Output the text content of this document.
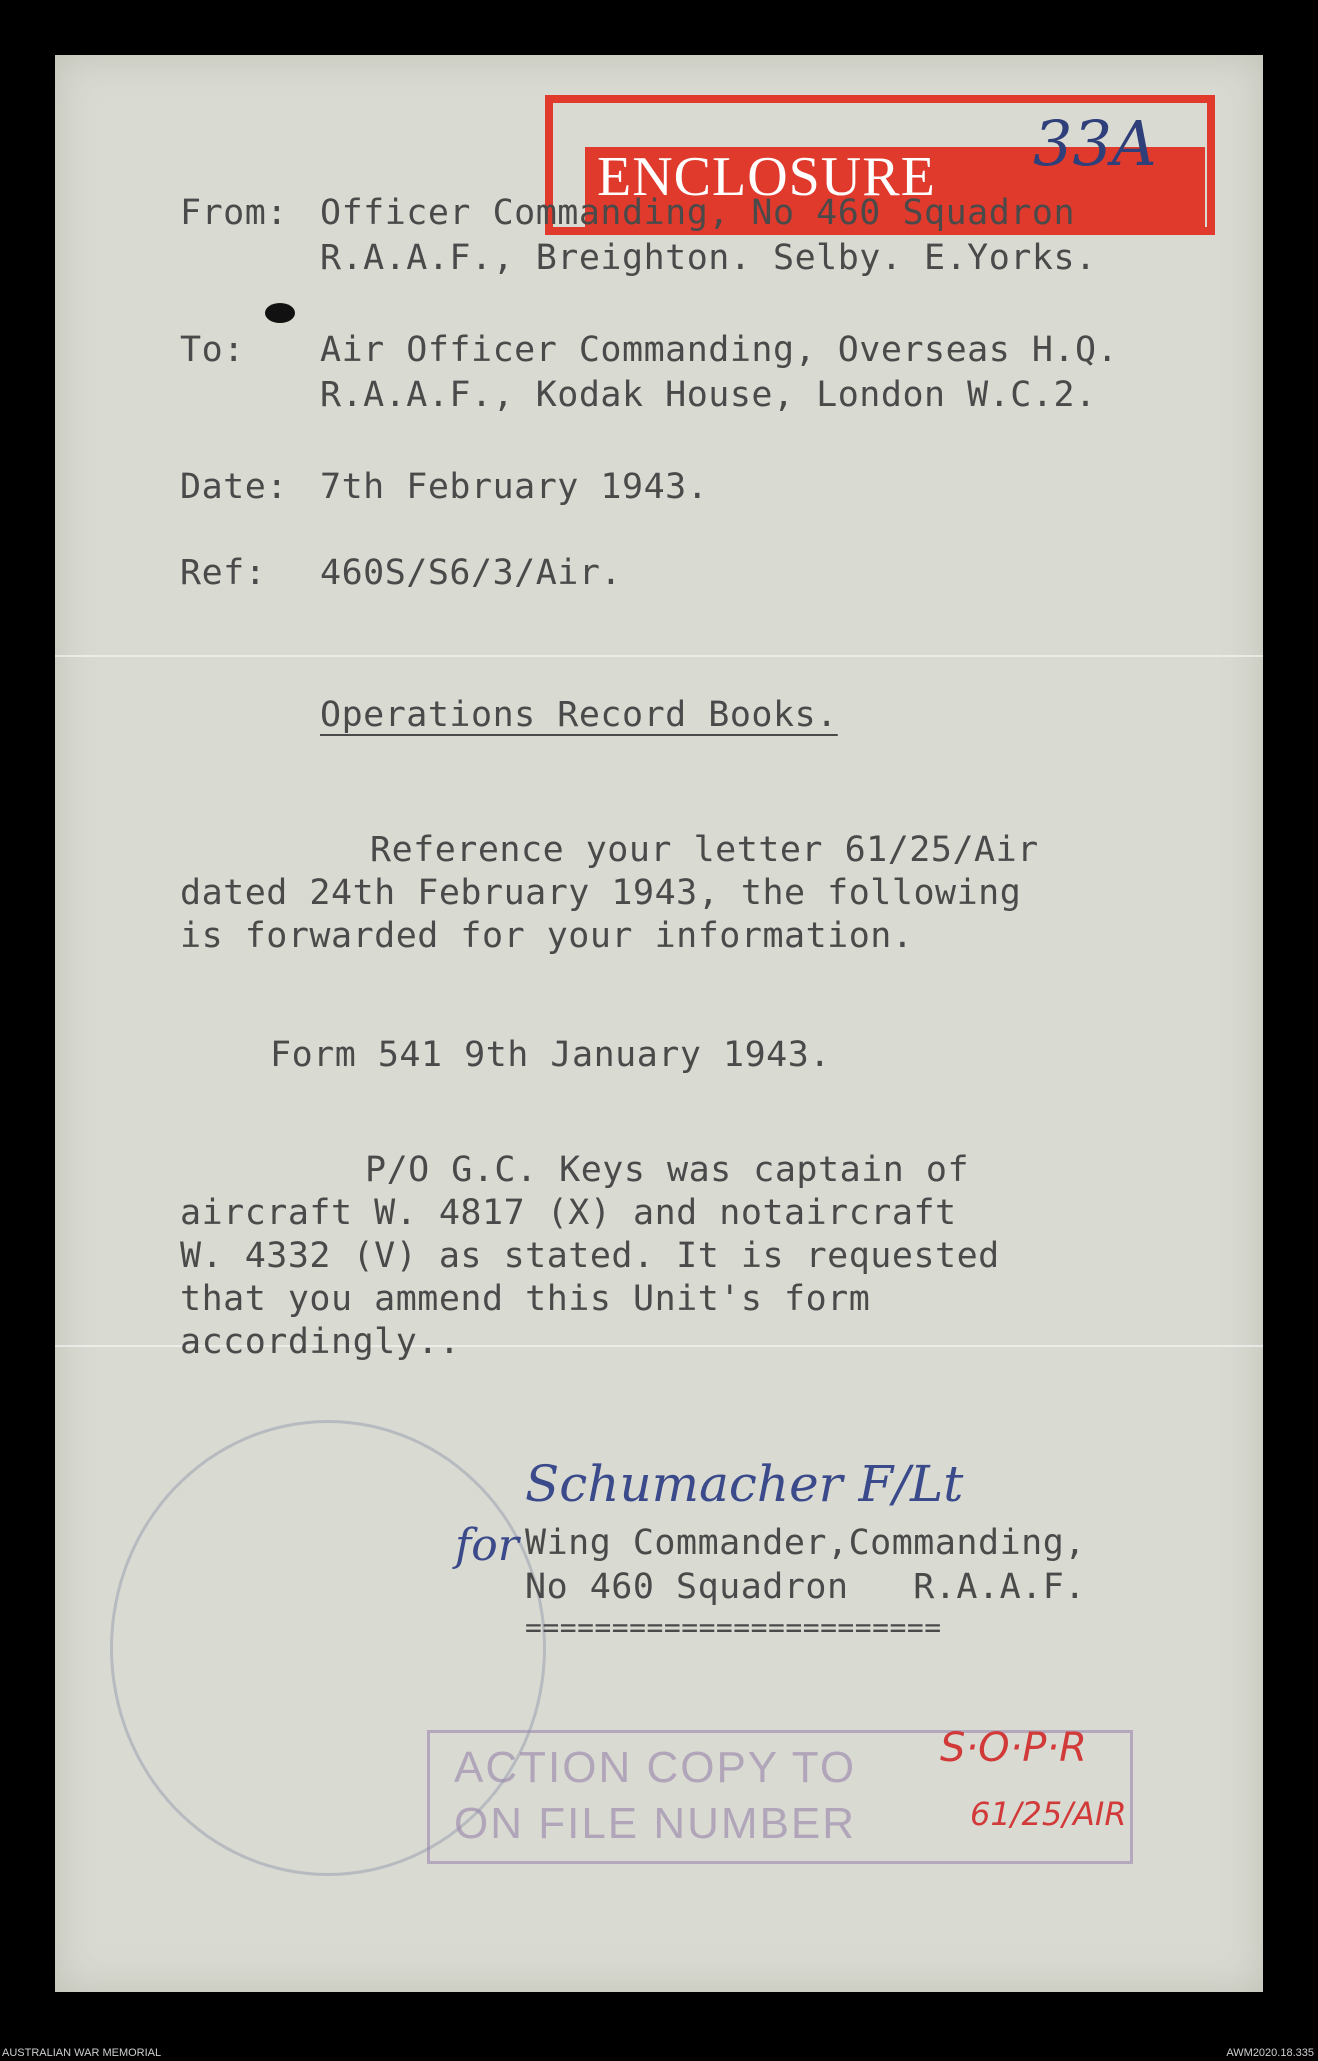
ENCLOSURE 33A
From: Officer Commanding, No 460 Squadron
R.A.A.F., Breighton. Selby. E.Yorks.
To: Air Officer Commanding, Overseas H.Q.
R.A.A.F., Kodak House, London W.C.2.
Date: 7th February 1943.
Ref: 460S/S6/3/Air.
Operations Record Books.
Reference your letter 61/25/Air
dated 24th February 1943, the following
is forwarded for your information.
Form 541 9th January 1943.
P/O G.C. Keys was captain of
aircraft W. 4817 (X) and notaircraft
W. 4332 (V) as stated. It is requested
that you ammend this Unit's form
accordingly..
Schumacher F/Lt
for Wing Commander,Commanding,
No 460 Squadron   R.A.A.F.
========================
ACTION COPY TO
ON FILE NUMBER
S·O·P·R
61/25/AIR
AUSTRALIAN WAR MEMORIAL	AWM2020.18.335
